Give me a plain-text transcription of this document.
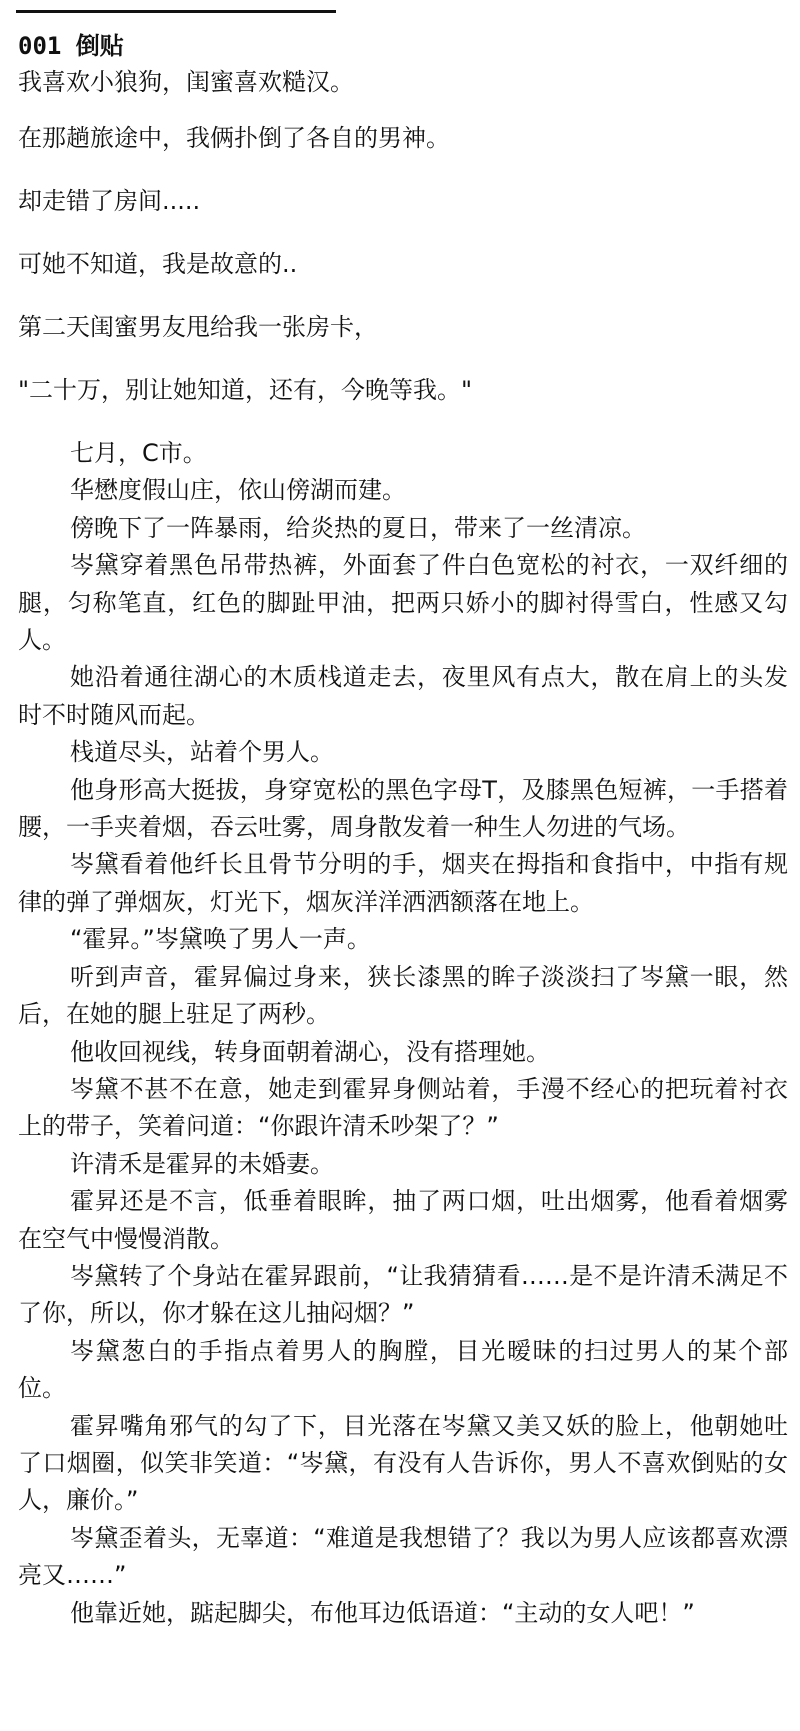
001 倒贴

我喜欢小狼狗，闺蜜喜欢糙汉。

在那趟旅途中，我俩扑倒了各自的男神。

却走错了房间.....

可她不知道，我是故意的..

第二天闺蜜男友甩给我一张房卡，

"二十万，别让她知道，还有，今晚等我。"

七月，C市。

华懋度假山庄，依山傍湖而建。

傍晚下了一阵暴雨，给炎热的夏日，带来了一丝清凉。

岑黛穿着黑色吊带热裤，外面套了件白色宽松的衬衣，一双纤细的腿，匀称笔直，红色的脚趾甲油，把两只娇小的脚衬得雪白，性感又勾人。

她沿着通往湖心的木质栈道走去，夜里风有点大，散在肩上的头发时不时随风而起。

栈道尽头，站着个男人。

他身形高大挺拔，身穿宽松的黑色字母T，及膝黑色短裤，一手搭着腰，一手夹着烟，吞云吐雾，周身散发着一种生人勿进的气场。

岑黛看着他纤长且骨节分明的手，烟夹在拇指和食指中，中指有规律的弹了弹烟灰，灯光下，烟灰洋洋洒洒额落在地上。

“霍昇。”岑黛唤了男人一声。

听到声音，霍昇偏过身来，狭长漆黑的眸子淡淡扫了岑黛一眼，然后，在她的腿上驻足了两秒。

他收回视线，转身面朝着湖心，没有搭理她。

岑黛不甚不在意，她走到霍昇身侧站着，手漫不经心的把玩着衬衣上的带子，笑着问道：“你跟许清禾吵架了？”

许清禾是霍昇的未婚妻。

霍昇还是不言，低垂着眼眸，抽了两口烟，吐出烟雾，他看着烟雾在空气中慢慢消散。

岑黛转了个身站在霍昇跟前，“让我猜猜看……是不是许清禾满足不了你，所以，你才躲在这儿抽闷烟？”

岑黛葱白的手指点着男人的胸膛，目光暧昧的扫过男人的某个部位。

霍昇嘴角邪气的勾了下，目光落在岑黛又美又妖的脸上，他朝她吐了口烟圈，似笑非笑道：“岑黛，有没有人告诉你，男人不喜欢倒贴的女人，廉价。”

岑黛歪着头，无辜道：“难道是我想错了？我以为男人应该都喜欢漂亮又……”

他靠近她，踮起脚尖，布他耳边低语道：“主动的女人吧！”
